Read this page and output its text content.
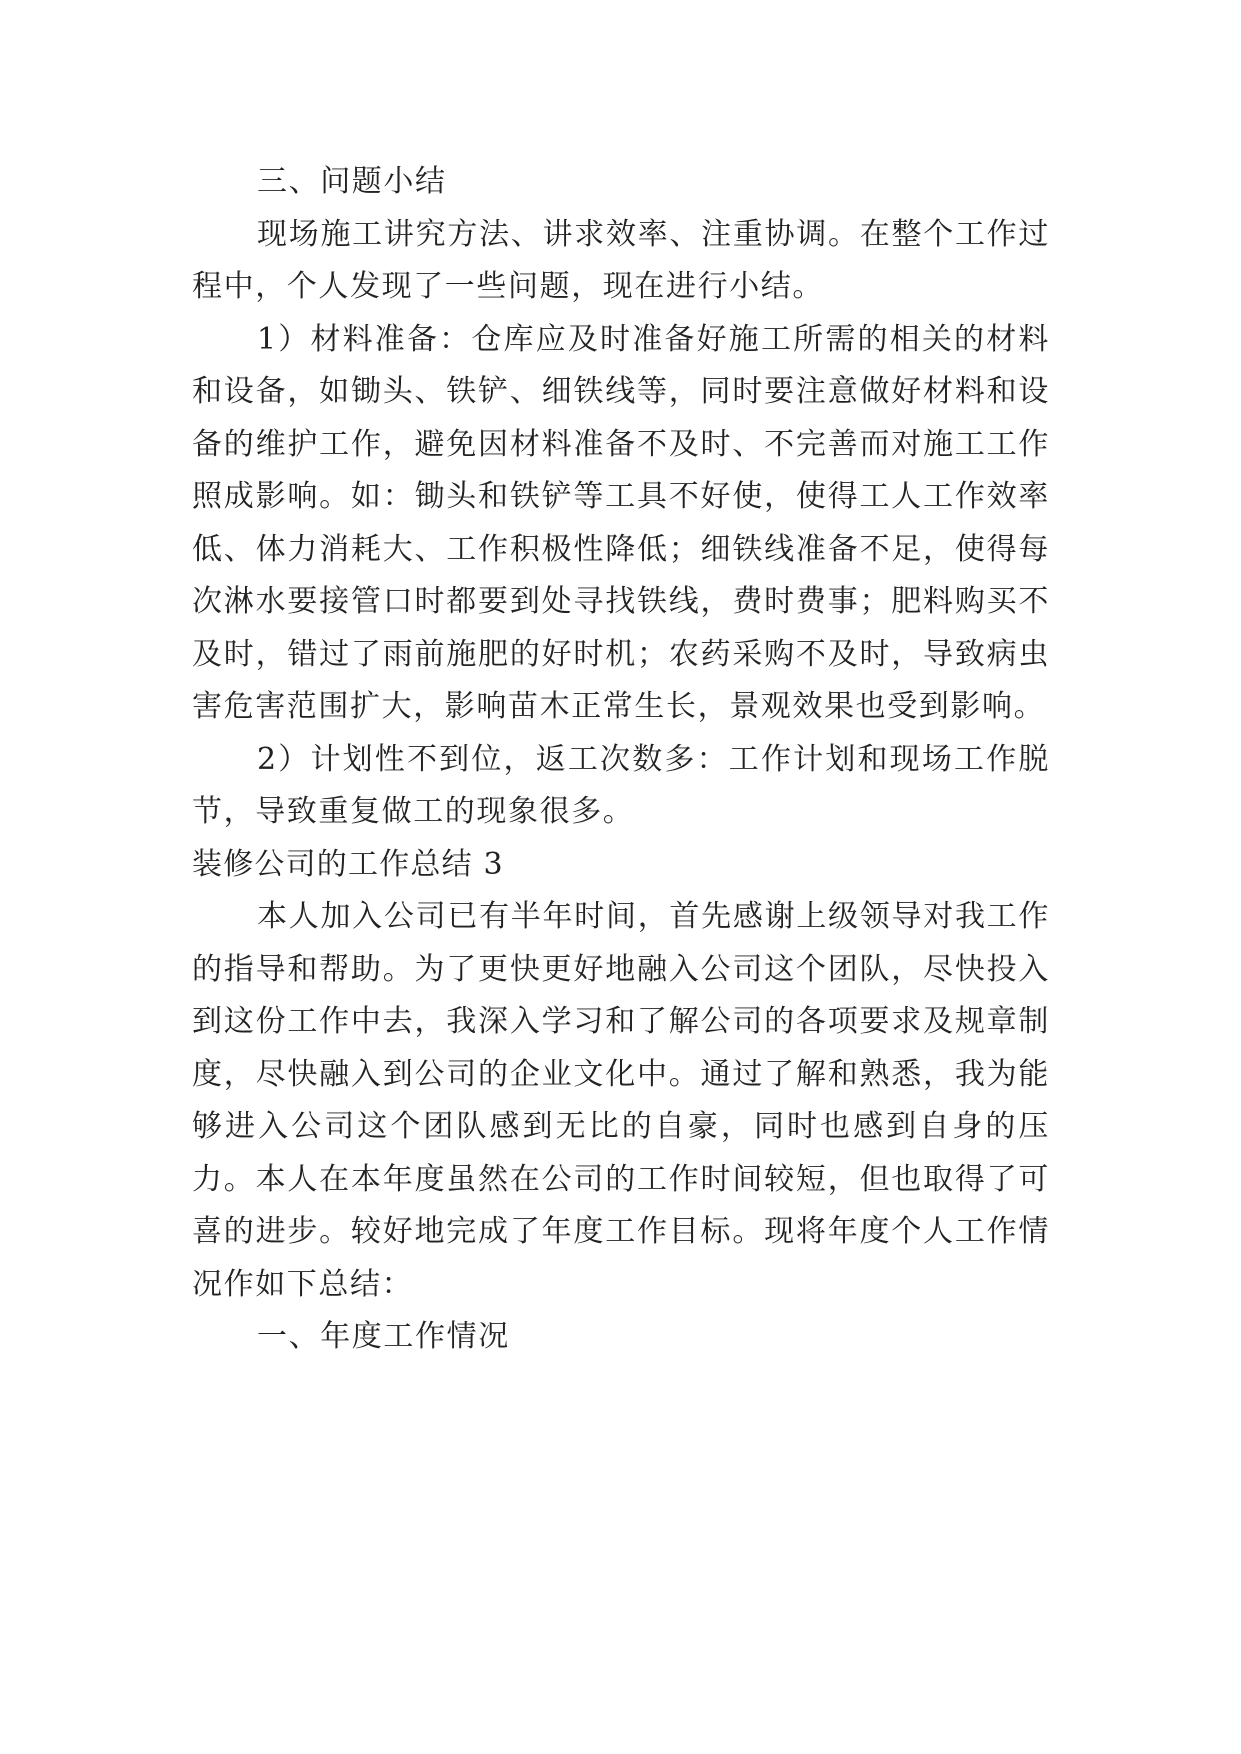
三、问题小结

现场施工讲究方法、讲求效率、注重协调。在整个工作过程中，个人发现了一些问题，现在进行小结。

1）材料准备：仓库应及时准备好施工所需的相关的材料和设备，如锄头、铁铲、细铁线等，同时要注意做好材料和设备的维护工作，避免因材料准备不及时、不完善而对施工工作照成影响。如：锄头和铁铲等工具不好使，使得工人工作效率低、体力消耗大、工作积极性降低；细铁线准备不足，使得每次淋水要接管口时都要到处寻找铁线，费时费事；肥料购买不及时，错过了雨前施肥的好时机；农药采购不及时，导致病虫害危害范围扩大，影响苗木正常生长，景观效果也受到影响。

2）计划性不到位，返工次数多：工作计划和现场工作脱节，导致重复做工的现象很多。

装修公司的工作总结 3

本人加入公司已有半年时间，首先感谢上级领导对我工作的指导和帮助。为了更快更好地融入公司这个团队，尽快投入到这份工作中去，我深入学习和了解公司的各项要求及规章制度，尽快融入到公司的企业文化中。通过了解和熟悉，我为能够进入公司这个团队感到无比的自豪，同时也感到自身的压力。本人在本年度虽然在公司的工作时间较短，但也取得了可喜的进步。较好地完成了年度工作目标。现将年度个人工作情况作如下总结：

一、年度工作情况
